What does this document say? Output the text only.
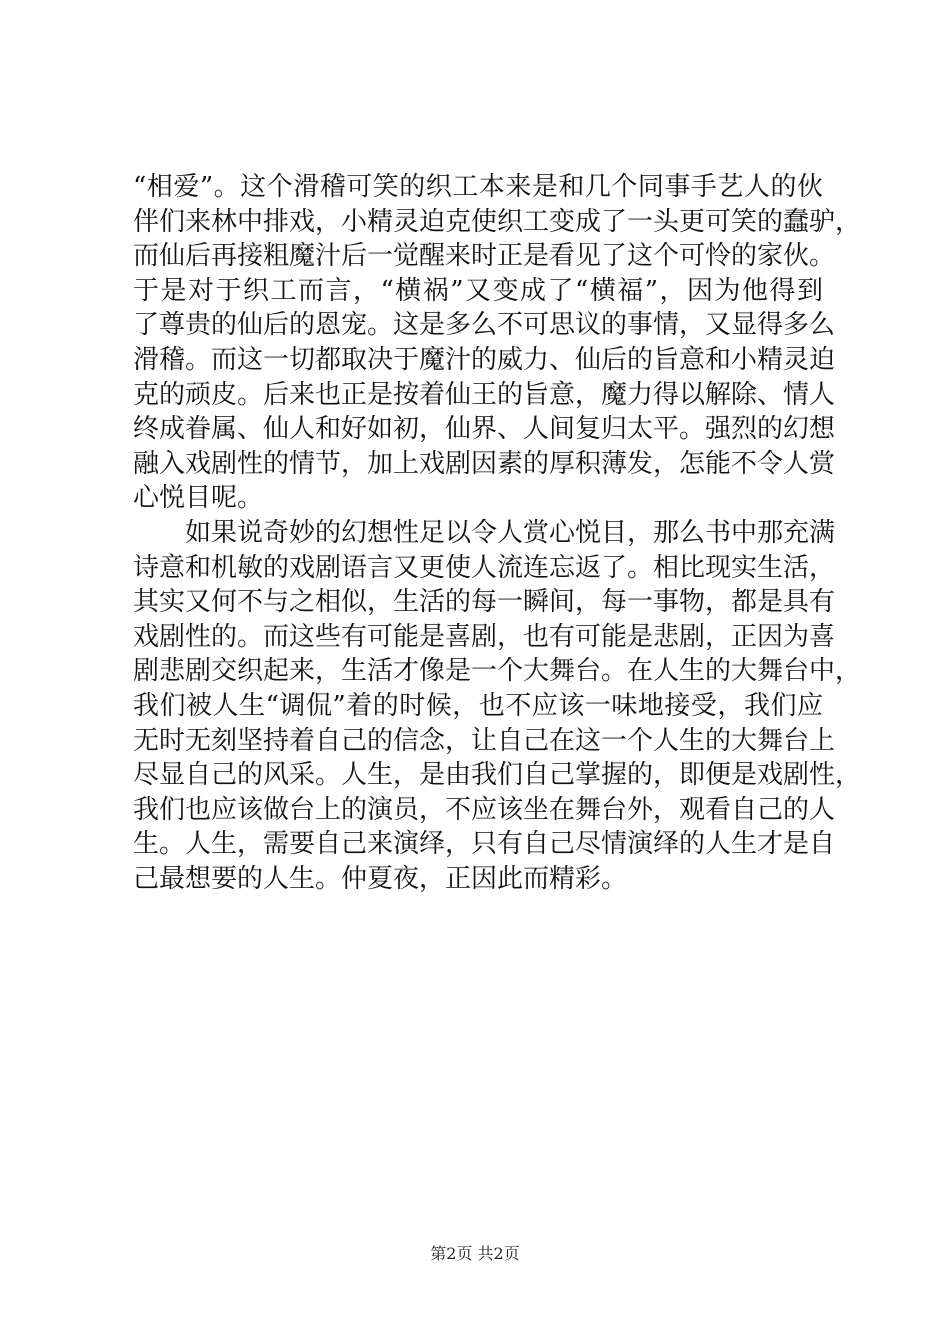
“相爱”。这个滑稽可笑的织工本来是和几个同事手艺人的伙
伴们来林中排戏，小精灵迫克使织工变成了一头更可笑的蠢驴，
而仙后再接粗魔汁后一觉醒来时正是看见了这个可怜的家伙。
于是对于织工而言，“横祸”又变成了“横福”，因为他得到
了尊贵的仙后的恩宠。这是多么不可思议的事情，又显得多么
滑稽。而这一切都取决于魔汁的威力、仙后的旨意和小精灵迫
克的顽皮。后来也正是按着仙王的旨意，魔力得以解除、情人
终成眷属、仙人和好如初，仙界、人间复归太平。强烈的幻想
融入戏剧性的情节，加上戏剧因素的厚积薄发，怎能不令人赏
心悦目呢。
如果说奇妙的幻想性足以令人赏心悦目，那么书中那充满
诗意和机敏的戏剧语言又更使人流连忘返了。相比现实生活，
其实又何不与之相似，生活的每一瞬间，每一事物，都是具有
戏剧性的。而这些有可能是喜剧，也有可能是悲剧，正因为喜
剧悲剧交织起来，生活才像是一个大舞台。在人生的大舞台中，
我们被人生“调侃”着的时候，也不应该一味地接受，我们应
无时无刻坚持着自己的信念，让自己在这一个人生的大舞台上
尽显自己的风采。人生，是由我们自己掌握的，即便是戏剧性，
我们也应该做台上的演员，不应该坐在舞台外，观看自己的人
生。人生，需要自己来演绎，只有自己尽情演绎的人生才是自
己最想要的人生。仲夏夜，正因此而精彩。
第2页 共2页
